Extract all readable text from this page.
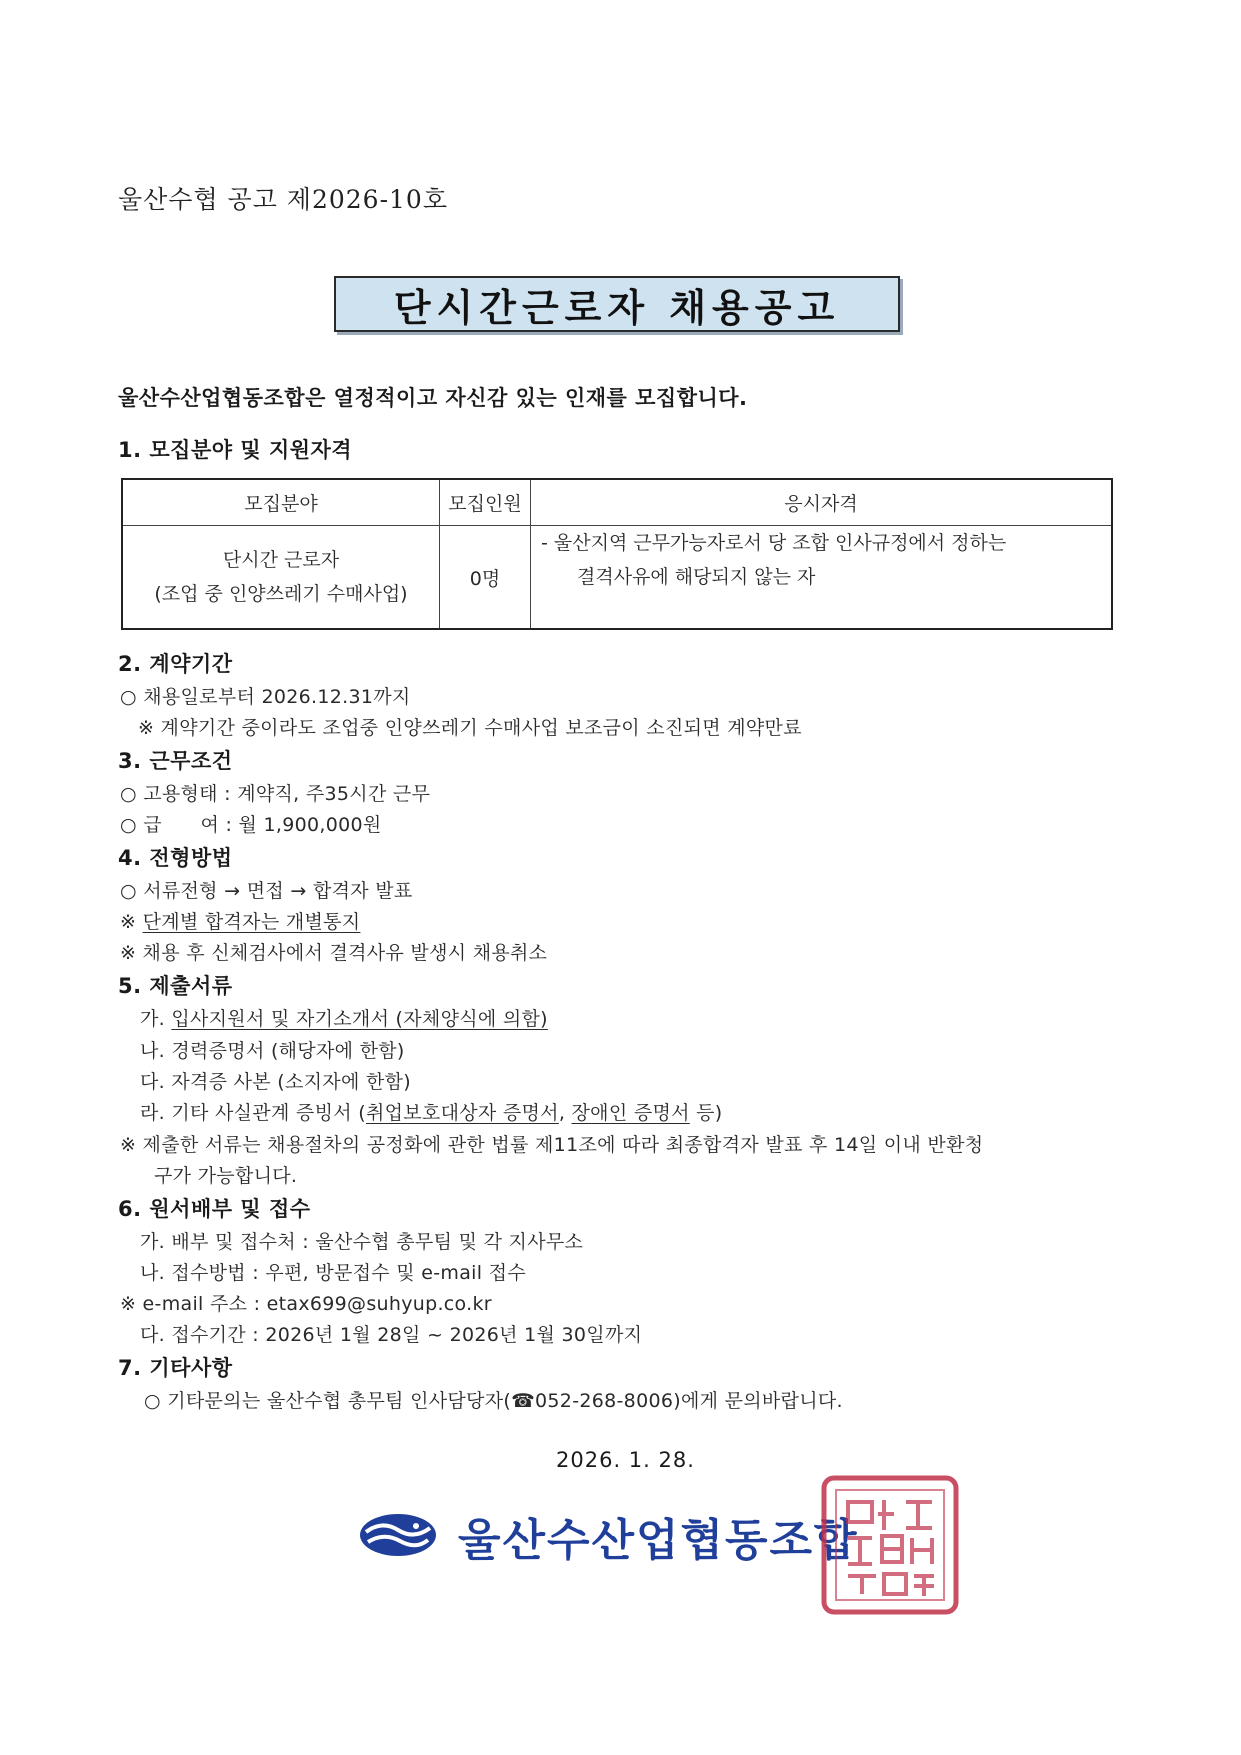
울산수협 공고 제2026-10호
단시간근로자 채용공고
울산수산업협동조합은 열정적이고 자신감 있는 인재를 모집합니다.
1. 모집분야 및 지원자격
모집분야	모집인원	응시자격
단시간 근로자
(조업 중 인양쓰레기 수매사업)
0명
- 울산지역 근무가능자로서 당 조합 인사규정에서 정하는
결격사유에 해당되지 않는 자
2. 계약기간
○ 채용일로부터 2026.12.31까지
※ 계약기간 중이라도 조업중 인양쓰레기 수매사업 보조금이 소진되면 계약만료
3. 근무조건
○ 고용형태 : 계약직, 주35시간 근무
○ 급　　여 : 월 1,900,000원
4. 전형방법
○ 서류전형 → 면접 → 합격자 발표
※ 단계별 합격자는 개별통지
※ 채용 후 신체검사에서 결격사유 발생시 채용취소
5. 제출서류
가. 입사지원서 및 자기소개서 (자체양식에 의함)
나. 경력증명서 (해당자에 한함)
다. 자격증 사본 (소지자에 한함)
라. 기타 사실관계 증빙서 (취업보호대상자 증명서, 장애인 증명서 등)
※ 제출한 서류는 채용절차의 공정화에 관한 법률 제11조에 따라 최종합격자 발표 후 14일 이내 반환청
구가 가능합니다.
6. 원서배부 및 접수
가. 배부 및 접수처 : 울산수협 총무팀 및 각 지사무소
나. 접수방법 : 우편, 방문접수 및 e-mail 접수
※ e-mail 주소 : etax699@suhyup.co.kr
다. 접수기간 : 2026년 1월 28일 ~ 2026년 1월 30일까지
7. 기타사항
○ 기타문의는 울산수협 총무팀 인사담당자(☎052-268-8006)에게 문의바랍니다.
2026. 1. 28.
울산수산업협동조합
